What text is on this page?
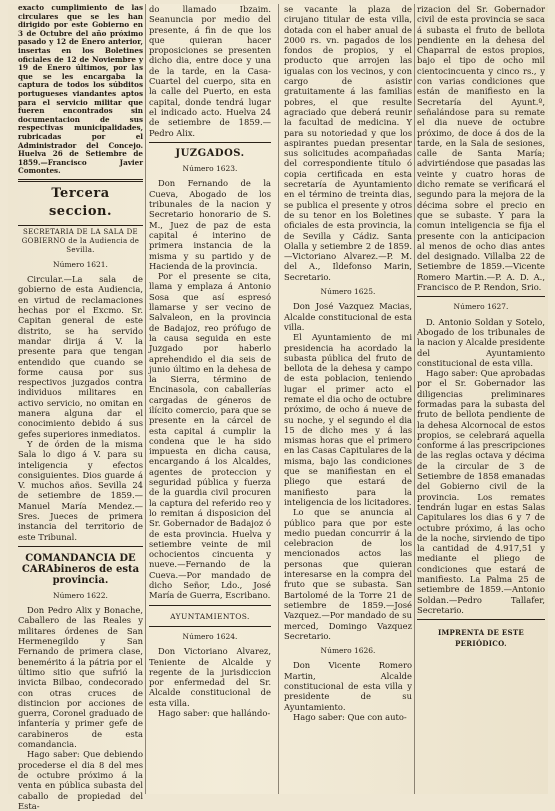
exacto cumplimiento de las circulares que se les han dirigido por este Gobierno en 3 de Octubre del año próximo pasado y 12 de Enero anterior, insertas en los Boletines oficiales de 12 de Noviembre y 19 de Enero últimos, por las que se les encargaba la captura de todos los súbditos portugueses viandantes aptos para el servicio militar que fueren encontrados sin documentacion de sus respectivas municipalidades, rubricadas por el Administrador del Concejo. Huelva 26 de Setiembre de 1859.—Francisco Javier Comontes.

Tercera seccion.
SECRETARIA DE LA SALA DE GOBIERNO de la Audiencia de Sevilla.
Número 1621.

Circular.—La sala de gobierno de esta Audiencia, en virtud de reclamaciones hechas por el Excmo. Sr. Capitan general de este distrito, se ha servido mandar dirija á V. la presente para que tengan entendido que cuando se forme causa por sus respectivos juzgados contra individuos militares en activo servicio, no omitan en manera alguna dar el conocimiento debido á sus gefes superiores inmediatos.

Y de órden de la misma Sala lo digo á V. para su inteligencia y efectos consiguientes. Dios guarde á V. muchos años. Sevilla 24 de setiembre de 1859.—Manuel María Mendez.—Sres. Jueces de primera instancia del territorio de este Tribunal.

COMANDANCIA DE CARAbineros de esta provincia.
Número 1622.

Don Pedro Alix y Bonache, Caballero de las Reales y militares órdenes de San Hermenegildo y San Fernando de primera clase, benemérito á la pátria por el último sitio que sufrió la invicta Bilbao, condecorado con otras cruces de distincion por acciones de guerra, Coronel graduado de infantería y primer gefe de carabineros de esta comandancia.

Hago saber: Que debiendo procederse el dia 8 del mes de octubre próximo á la venta en pública subasta del caballo de propiedad del Esta-

do llamado Ibzaim. Seanuncia por medio del presente, á fin de que los que quieran hacer proposiciones se presenten dicho dia, entre doce y una de la tarde, en la Casa-Cuartel del cuerpo, sita en la calle del Puerto, en esta capital, donde tendrá lugar el indicado acto. Huelva 24 de setiembre de 1859.—Pedro Alix.

JUZGADOS.
Número 1623.

Don Fernando de la Cueva, Abogado de los tribunales de la nacion y Secretario honorario de S. M., Juez de paz de esta capital é interino de primera instancia de la misma y su partido y de Hacienda de la provincia.

Por el presente se cita, llama y emplaza á Antonio Sosa que así espresó llamarse y ser vecino de Salvaleon, en la provincia de Badajoz, reo prófugo de la causa seguida en este Juzgado por haberlo aprehendido el dia seis de junio último en la dehesa de la Sierra, término de Encinasola, con caballerías cargadas de géneros de ilícito comercio, para que se presente en la cárcel de esta capital á cumplir la condena que le ha sido impuesta en dicha causa, encargando á los Alcaldes, agentes de proteccion y seguridad pública y fuerza de la guardia civil procuren la captura del referido reo y lo remitan á disposicion del Sr. Gobernador de Badajoz ó de esta provincia. Huelva y setiembre veinte de mil ochocientos cincuenta y nueve.—Fernando de la Cueva.—Por mandado de dicho Señor, Ldo., José María de Guerra, Escribano.

AYUNTAMIENTOS.
Número 1624.

Don Victoriano Alvarez, Teniente de Alcalde y regente de la jurisdiccion por enfermedad del Sr. Alcalde constitucional de esta villa.

Hago saber: que hallándo-

se vacante la plaza de cirujano titular de esta villa, dotada con el haber anual de 2000 rs. vn. pagados de los fondos de propios, y el producto que arrojen las igualas con los vecinos, y con cargo de asistir gratuitamente á las familias pobres, el que resulte agraciado que deberá reunir la facultad de medicina. Y para su notoriedad y que los aspirantes puedan presentar sus solicitudes acompañadas del correspondiente título ó copia certificada en esta secretaría de Ayuntamiento en el término de treinta dias, se publica el presente y otros de su tenor en los Boletines oficiales de esta provincia, la de Sevilla y Cádiz. Santa Olalla y setiembre 2 de 1859.—Victoriano Alvarez.—P. M. del A., Ildefonso Marin, Secretario.

Número 1625.

Don José Vazquez Macias, Alcalde constitucional de esta villa.

El Ayuntamiento de mi presidencia ha acordado la subasta pública del fruto de bellota de la dehesa y campo de esta poblacion, teniendo lugar el primer acto el remate el dia ocho de octubre próximo, de ocho á nueve de su noche, y el segundo el dia 15 de dicho mes y á las mismas horas que el primero en las Casas Capitulares de la misma, bajo las condiciones que se manifiestan en el pliego que estará de manifiesto para la inteligencia de los licitadores.

Lo que se anuncia al público para que por este medio puedan concurrir á la celebracion de los mencionados actos las personas que quieran interesarse en la compra del fruto que se subasta. San Bartolomé de la Torre 21 de setiembre de 1859.—José Vazquez.—Por mandado de su merced, Domingo Vazquez Secretario.

Número 1626.

Don Vicente Romero Martin, Alcalde constitucional de esta villa y presidente de su Ayuntamiento.

Hago saber: Que con auto-

rizacion del Sr. Gobernador civil de esta provincia se saca á subasta el fruto de bellota pendiente en la dehesa del Chaparral de estos propios, bajo el tipo de ocho mil cientocincuenta y cinco rs., y con varias condiciones que están de manifiesto en la Secretaría del Ayunt.º, señalándose para su remate el dia nueve de octubre próximo, de doce á dos de la tarde, en la Sala de sesiones, calle de Santa María; advirtiéndose que pasadas las veinte y cuatro horas de dicho remate se verificará el segundo para la mejora de la décima sobre el precio en que se subaste. Y para la comun inteligencia se fija el presente con la anticipacion al menos de ocho dias antes del designado. Villalba 22 de Setiembre de 1859.—Vicente Romero Martin.—P. A. D. A., Francisco de P. Rendon, Srio.

Número 1627.

D. Antonio Soldan y Sotelo, Abogado de los tribunales de la nacion y Alcalde presidente del Ayuntamiento constitucional de esta villa.

Hago saber: Que aprobadas por el Sr. Gobernador las diligencias preliminares formadas para la subasta del fruto de bellota pendiente de la dehesa Alcornocal de estos propios, se celebrará aquella conforme á las prescripciones de las reglas octava y décima de la circular de 3 de Setiembre de 1858 emanadas del Gobierno civil de la provincia. Los remates tendrán lugar en estas Salas Capitulares los dias 6 y 7 de octubre próximo, á las ocho de la noche, sirviendo de tipo la cantidad de 4.917,51 y mediante el pliego de condiciones que estará de manifiesto. La Palma 25 de setiembre de 1859.—Antonio Soldan.—Pedro Tallafer, Secretario.

IMPRENTA DE ESTE PERIÓDICO.
